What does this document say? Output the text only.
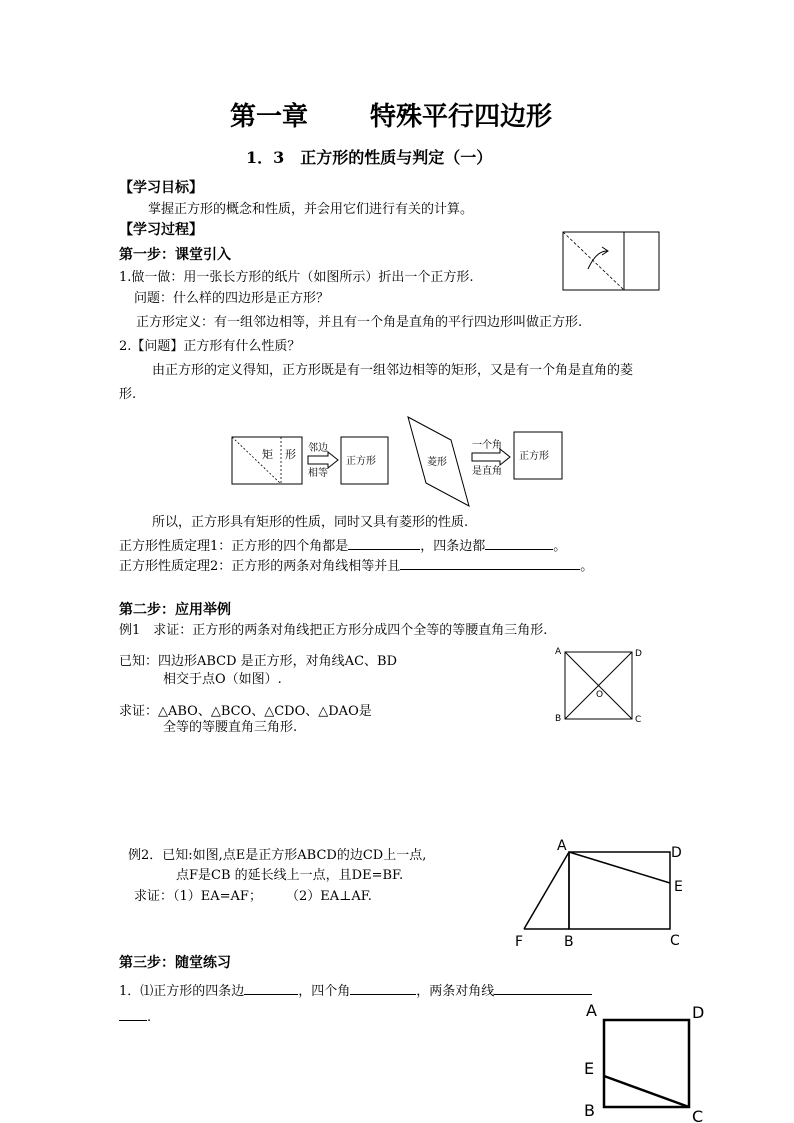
第一章 特殊平行四边形
1．3　正方形的性质与判定（一）
【学习目标】
掌握正方形的概念和性质，并会用它们进行有关的计算。
【学习过程】
第一步：课堂引入
1.做一做：用一张长方形的纸片（如图所示）折出一个正方形.
问题：什么样的四边形是正方形？
正方形定义：有一组邻边相等，并且有一个角是直角的平行四边形叫做正方形.
2.【问题】正方形有什么性质？
由正方形的定义得知，正方形既是有一组邻边相等的矩形，又是有一个角是直角的菱
形.
矩 形 邻边
相等
正方形	菱形
一个角
是直角
正方形
所以，正方形具有矩形的性质，同时又具有菱形的性质.
正方形性质定理1：正方形的四个角都是	，四条边都	。
正方形性质定理2：正方形的两条对角线相等并且	。
第二步：应用举例
例1　求证：正方形的两条对角线把正方形分成四个全等的等腰直角三角形.
已知：四边形ABCD 是正方形，对角线AC、BD
相交于点O（如图）.
求证：△ABO、△BCO、△CDO、△DAO是
全等的等腰直角三角形.
A	D
B	C
O
例2．已知:如图,点E是正方形ABCD的边CD上一点,
点F是CB 的延长线上一点，且DE=BF.
求证：（1）EA=AF； （2）EA⊥AF.
A	D
E
F	B	C
第三步：随堂练习
1．⑴正方形的四条边	，四个角	，两条对角线
.	A	D
E
B	C
